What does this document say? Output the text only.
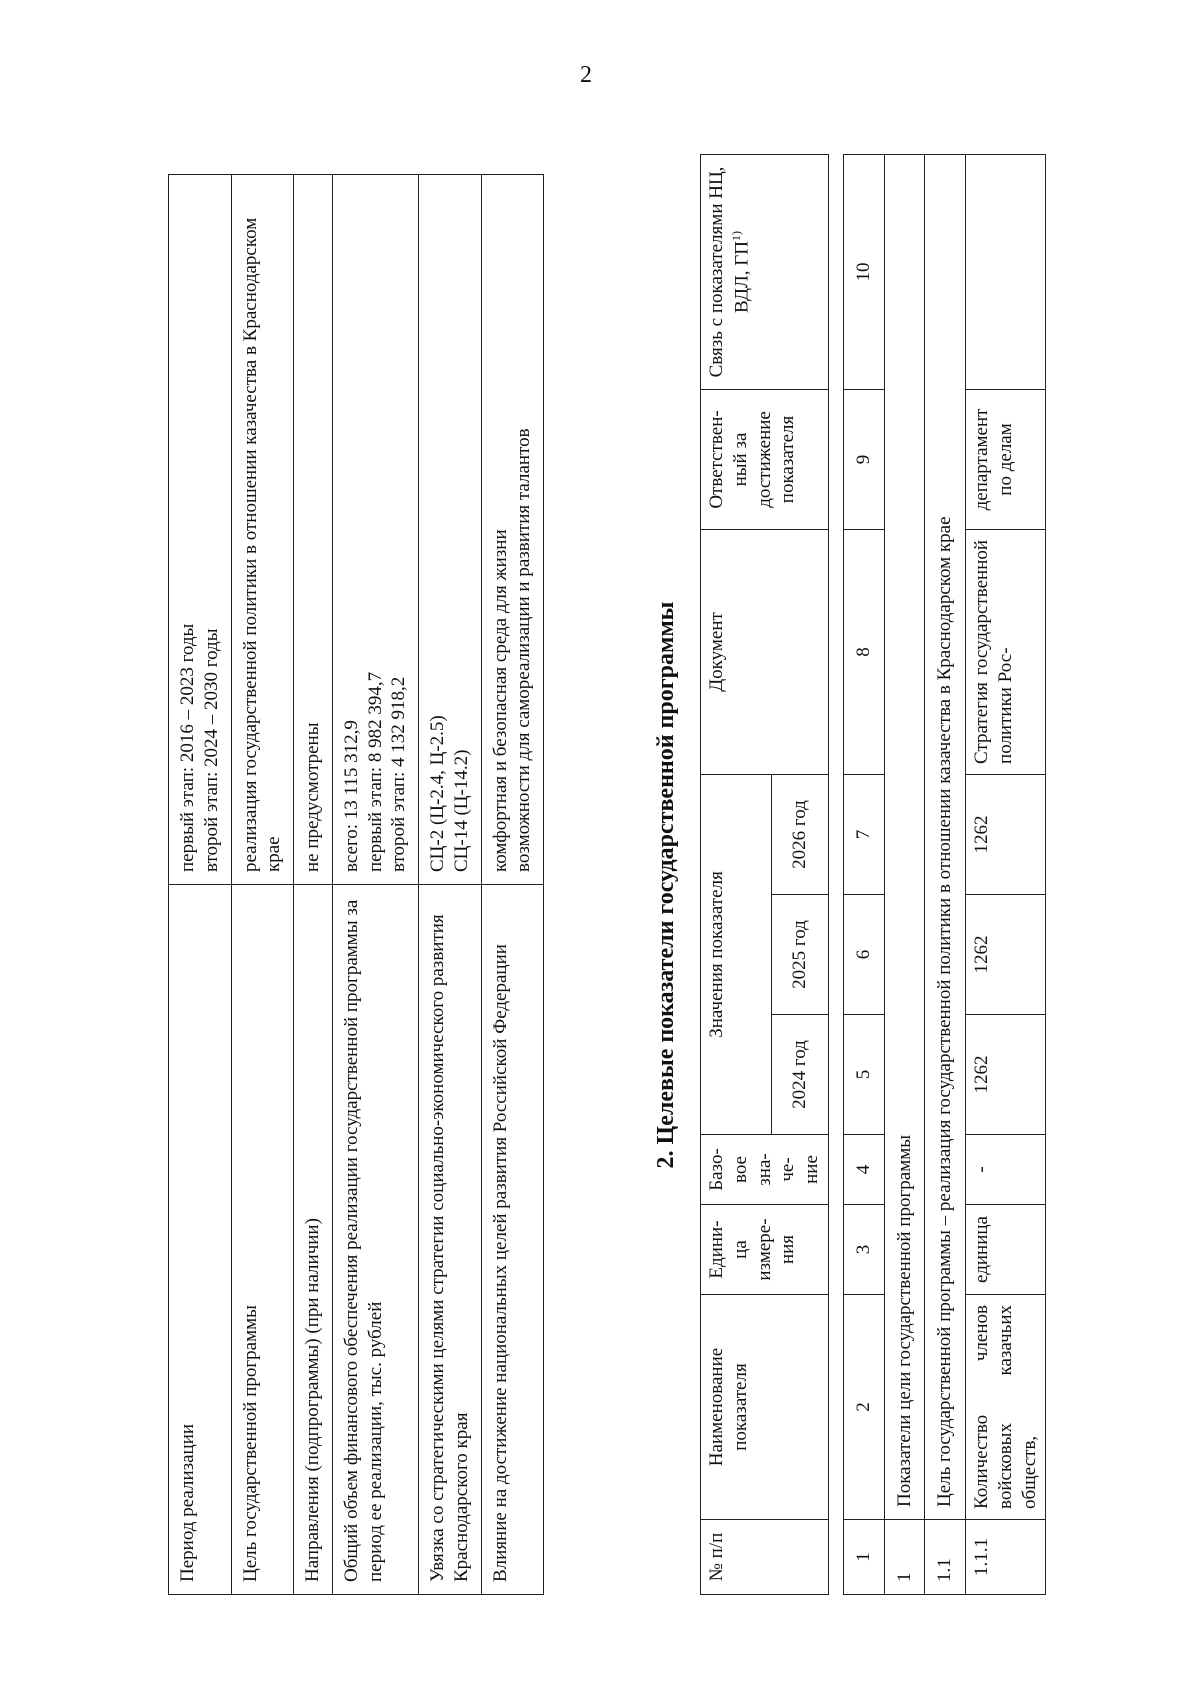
2
Период реализации	первый этап: 2016 – 2023 годы
второй этап: 2024 – 2030 годы
Цель государственной программы	реализация государственной политики в отношении казачества в Краснодарском крае
Направления (подпрограммы) (при наличии)	не предусмотрены
Общий объем финансового обеспечения реализации государственной программы за период ее реализации, тыс. рублей	всего: 13 115 312,9
первый этап: 8 982 394,7
второй этап: 4 132 918,2
Увязка со стратегическими целями стратегии социально-экономического развития Краснодарского края	СЦ-2 (Ц-2.4, Ц-2.5)
СЦ-14 (Ц-14.2)
Влияние на достижение национальных целей развития Российской Федерации	комфортная и безопасная среда для жизни
возможности для самореализации и развития талантов
2. Целевые показатели государственной программы
№ п/п	Наименование показателя	Едини-ца измере-ния	Базо-вое зна-че-ние	Значения показателя			Документ	Ответствен-ный за достижение показателя	Связь с показателями НЦ, ВДЛ, ГП$^{1)}$
				2024 год	2025 год	2026 год			

1	2	3	4	5	6	7	8	9	10
1	Показатели цели государственной программы								
1.1	Цель государственной программы – реализация государственной политики в отношении казачества в Краснодарском крае								
1.1.1	Количество членов войсковых казачьих обществ,	единица	-	1262	1262	1262	Стратегия государственной политики Рос-	департамент по делам	
